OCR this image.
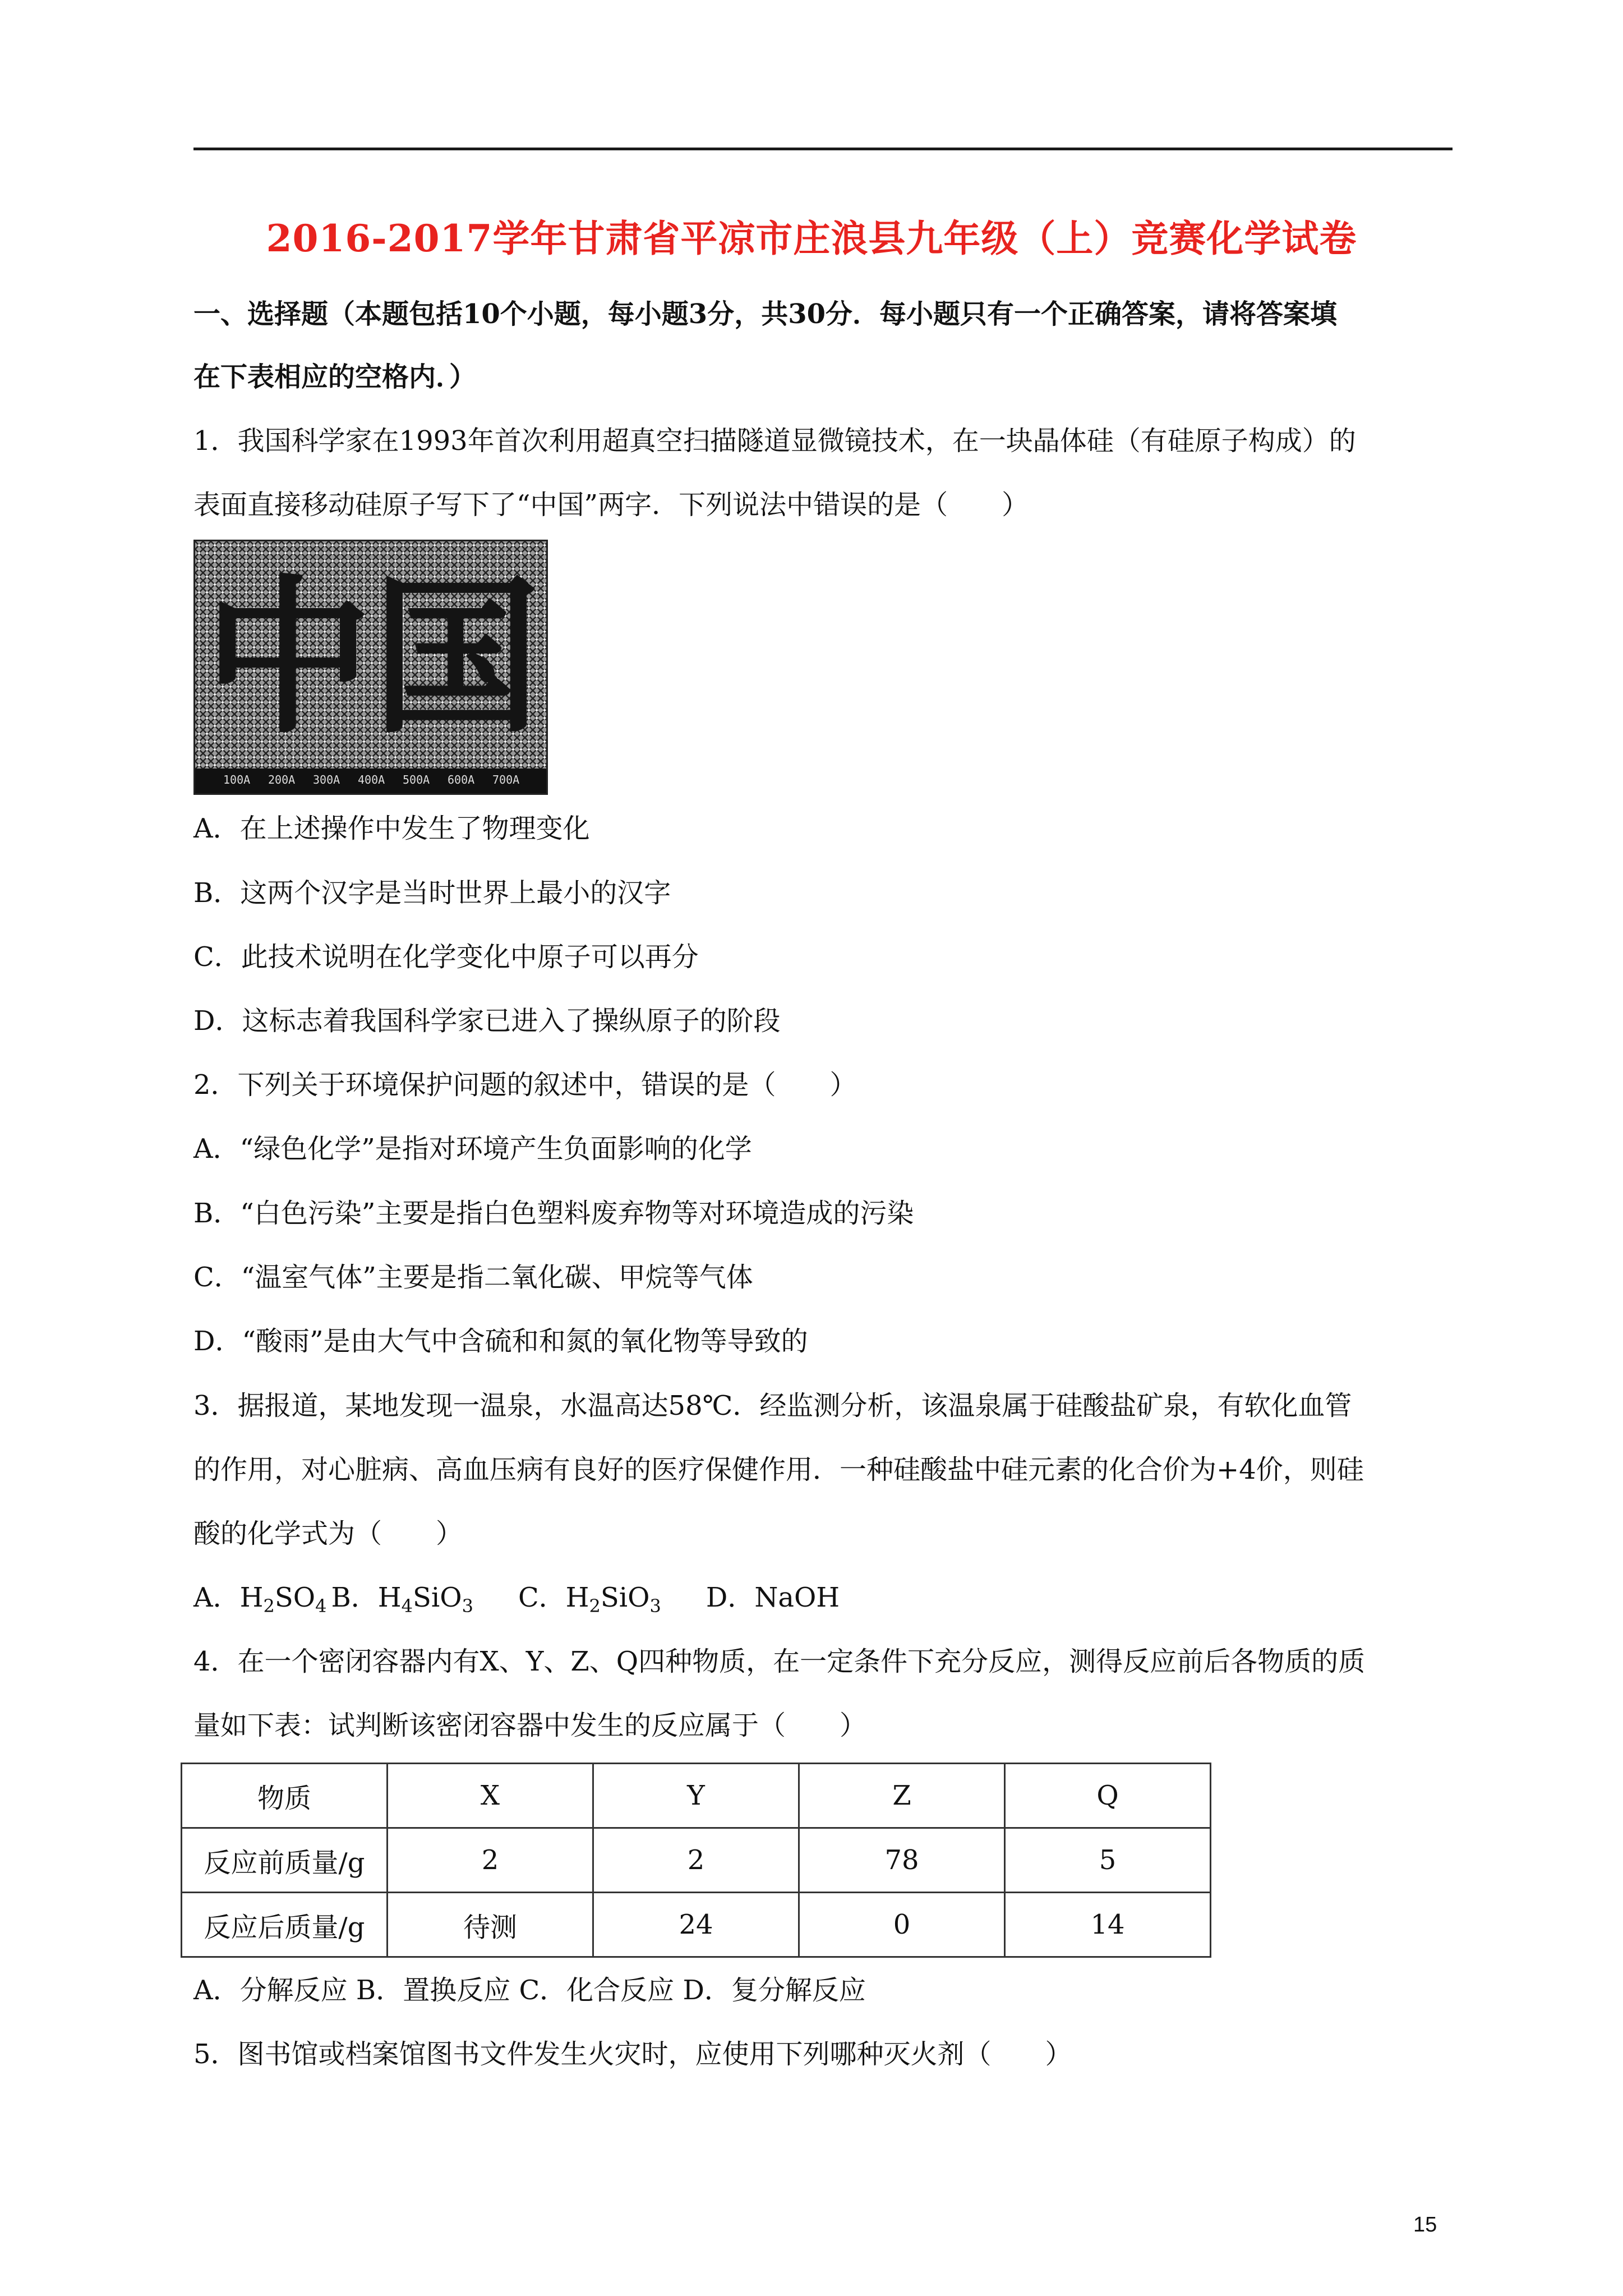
2016-2017学年甘肃省平凉市庄浪县九年级（上）竞赛化学试卷
一、选择题（本题包括10个小题，每小题3分，共30分．每小题只有一个正确答案，请将答案填
在下表相应的空格内．）
1．我国科学家在1993年首次利用超真空扫描隧道显微镜技术，在一块晶体硅（有硅原子构成）的
表面直接移动硅原子写下了“中国”两字．下列说法中错误的是（　　）
中国
100A 200A 300A 400A 500A 600A 700A
A．在上述操作中发生了物理变化
B．这两个汉字是当时世界上最小的汉字
C．此技术说明在化学变化中原子可以再分
D．这标志着我国科学家已进入了操纵原子的阶段
2．下列关于环境保护问题的叙述中，错误的是（　　）
A．“绿色化学”是指对环境产生负面影响的化学
B．“白色污染”主要是指白色塑料废弃物等对环境造成的污染
C．“温室气体”主要是指二氧化碳、甲烷等气体
D．“酸雨”是由大气中含硫和和氮的氧化物等导致的
3．据报道，某地发现一温泉，水温高达58℃．经监测分析，该温泉属于硅酸盐矿泉，有软化血管
的作用，对心脏病、高血压病有良好的医疗保健作用．一种硅酸盐中硅元素的化合价为+4价，则硅
酸的化学式为（　　）
A．$H_2SO_4$ B．$H_4SiO_3$ C．$H_2SiO_3$ D．NaOH
4．在一个密闭容器内有X、Y、Z、Q四种物质，在一定条件下充分反应，测得反应前后各物质的质
量如下表：试判断该密闭容器中发生的反应属于（　　）
物质	X	Y	Z	Q
反应前质量/g	2	2	78	5
反应后质量/g	待测	24	0	14
A．分解反应 B．置换反应 C．化合反应 D．复分解反应
5．图书馆或档案馆图书文件发生火灾时，应使用下列哪种灭火剂（　　）
15
